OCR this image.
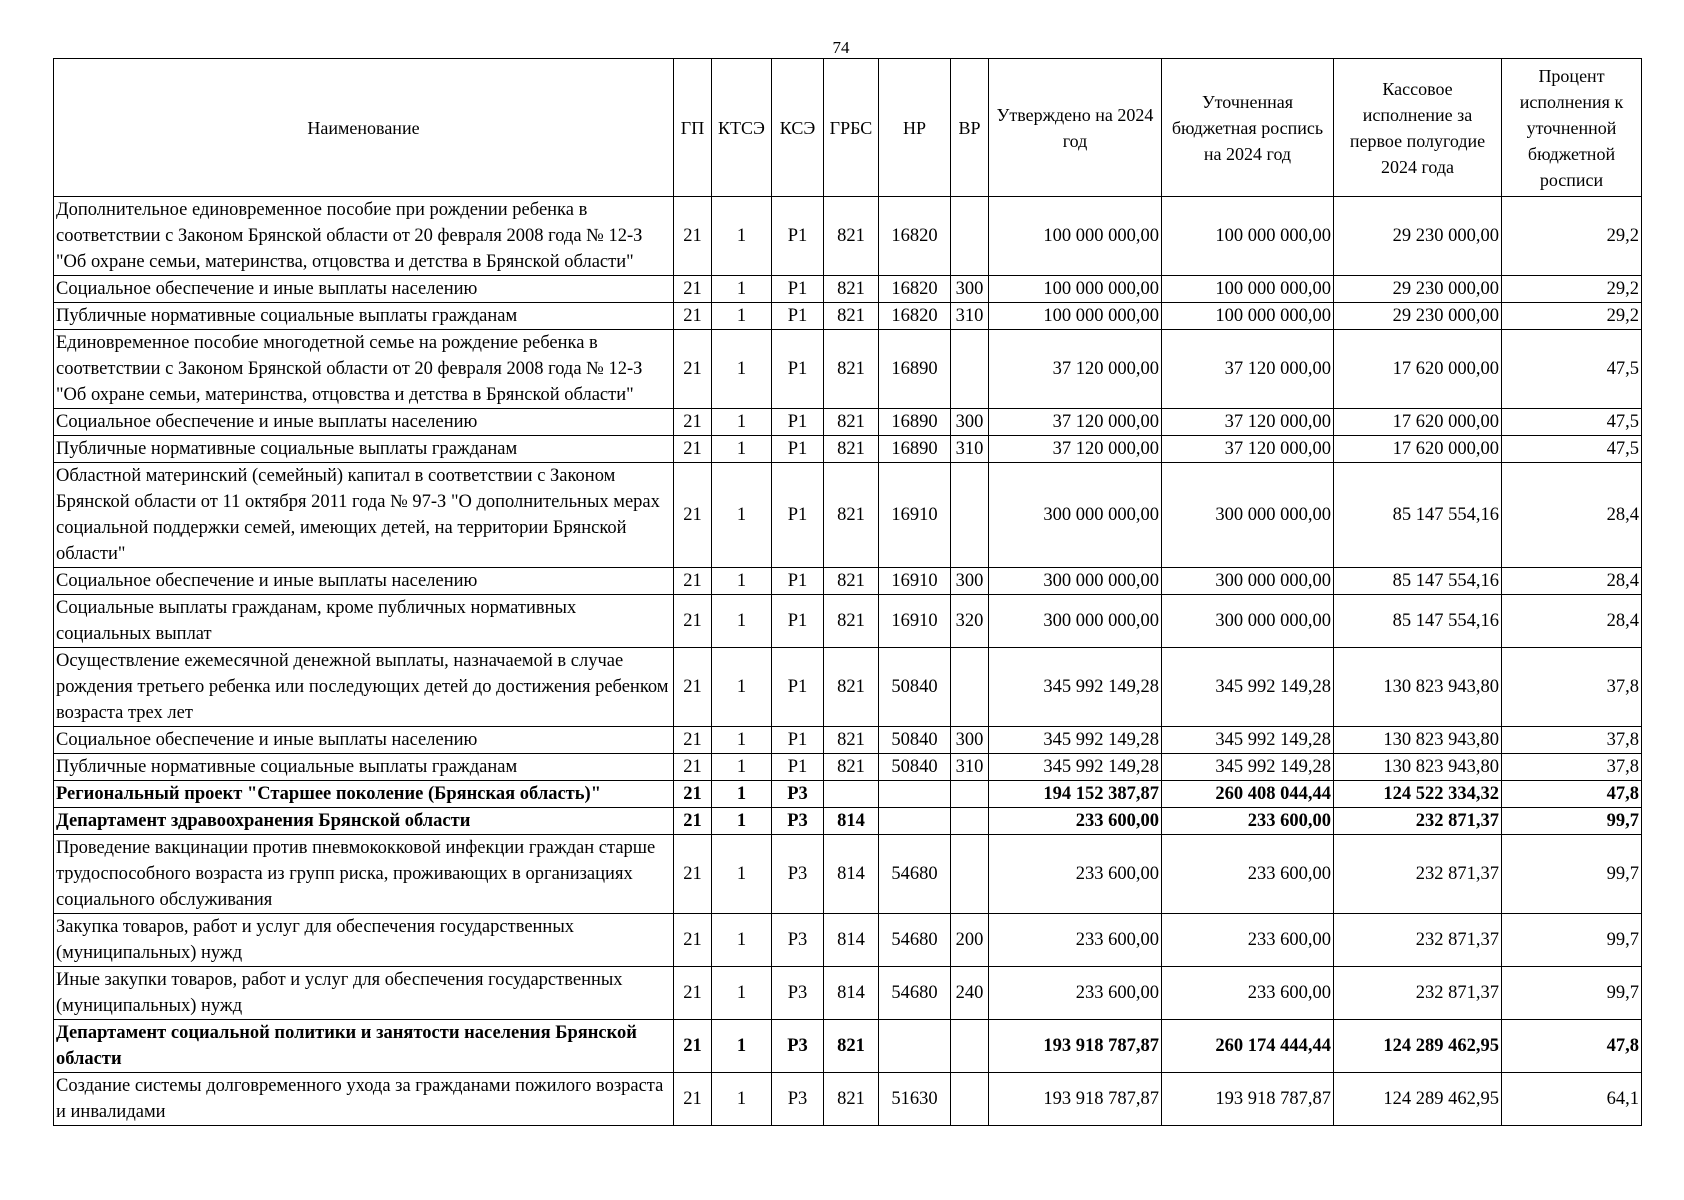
74
Наименование	ГП	КТСЭ	КСЭ	ГРБС	НР	ВР	Утверждено на 2024 год	Уточненная бюджетная роспись на 2024 год	Кассовое исполнение за первое полугодие 2024 года	Процент исполнения к уточненной бюджетной росписи
Дополнительное единовременное пособие при рождении ребенка в соответствии с Законом Брянской области от 20 февраля 2008 года № 12-З "Об охране семьи, материнства, отцовства и детства в Брянской области"	21	1	Р1	821	16820		100 000 000,00	100 000 000,00	29 230 000,00	29,2
Социальное обеспечение и иные выплаты населению	21	1	Р1	821	16820	300	100 000 000,00	100 000 000,00	29 230 000,00	29,2
Публичные нормативные социальные выплаты гражданам	21	1	Р1	821	16820	310	100 000 000,00	100 000 000,00	29 230 000,00	29,2
Единовременное пособие многодетной семье на рождение ребенка в соответствии с Законом Брянской области от 20 февраля 2008 года № 12-З "Об охране семьи, материнства, отцовства и детства в Брянской области"	21	1	Р1	821	16890		37 120 000,00	37 120 000,00	17 620 000,00	47,5
Социальное обеспечение и иные выплаты населению	21	1	Р1	821	16890	300	37 120 000,00	37 120 000,00	17 620 000,00	47,5
Публичные нормативные социальные выплаты гражданам	21	1	Р1	821	16890	310	37 120 000,00	37 120 000,00	17 620 000,00	47,5
Областной материнский (семейный) капитал в соответствии с Законом Брянской области от 11 октября 2011 года № 97-З "О дополнительных мерах социальной поддержки семей, имеющих детей, на территории Брянской области"	21	1	Р1	821	16910		300 000 000,00	300 000 000,00	85 147 554,16	28,4
Социальное обеспечение и иные выплаты населению	21	1	Р1	821	16910	300	300 000 000,00	300 000 000,00	85 147 554,16	28,4
Социальные выплаты гражданам, кроме публичных нормативных социальных выплат	21	1	Р1	821	16910	320	300 000 000,00	300 000 000,00	85 147 554,16	28,4
Осуществление ежемесячной денежной выплаты, назначаемой в случае рождения третьего ребенка или последующих детей до достижения ребенком возраста трех лет	21	1	Р1	821	50840		345 992 149,28	345 992 149,28	130 823 943,80	37,8
Социальное обеспечение и иные выплаты населению	21	1	Р1	821	50840	300	345 992 149,28	345 992 149,28	130 823 943,80	37,8
Публичные нормативные социальные выплаты гражданам	21	1	Р1	821	50840	310	345 992 149,28	345 992 149,28	130 823 943,80	37,8
Региональный проект "Старшее поколение (Брянская область)"	21	1	Р3				194 152 387,87	260 408 044,44	124 522 334,32	47,8
Департамент здравоохранения Брянской области	21	1	Р3	814			233 600,00	233 600,00	232 871,37	99,7
Проведение вакцинации против пневмококковой инфекции граждан старше трудоспособного возраста из групп риска, проживающих в организациях социального обслуживания	21	1	Р3	814	54680		233 600,00	233 600,00	232 871,37	99,7
Закупка товаров, работ и услуг для обеспечения государственных (муниципальных) нужд	21	1	Р3	814	54680	200	233 600,00	233 600,00	232 871,37	99,7
Иные закупки товаров, работ и услуг для обеспечения государственных (муниципальных) нужд	21	1	Р3	814	54680	240	233 600,00	233 600,00	232 871,37	99,7
Департамент социальной политики и занятости населения Брянской области	21	1	Р3	821			193 918 787,87	260 174 444,44	124 289 462,95	47,8
Создание системы долговременного ухода за гражданами пожилого возраста и инвалидами	21	1	Р3	821	51630		193 918 787,87	193 918 787,87	124 289 462,95	64,1
